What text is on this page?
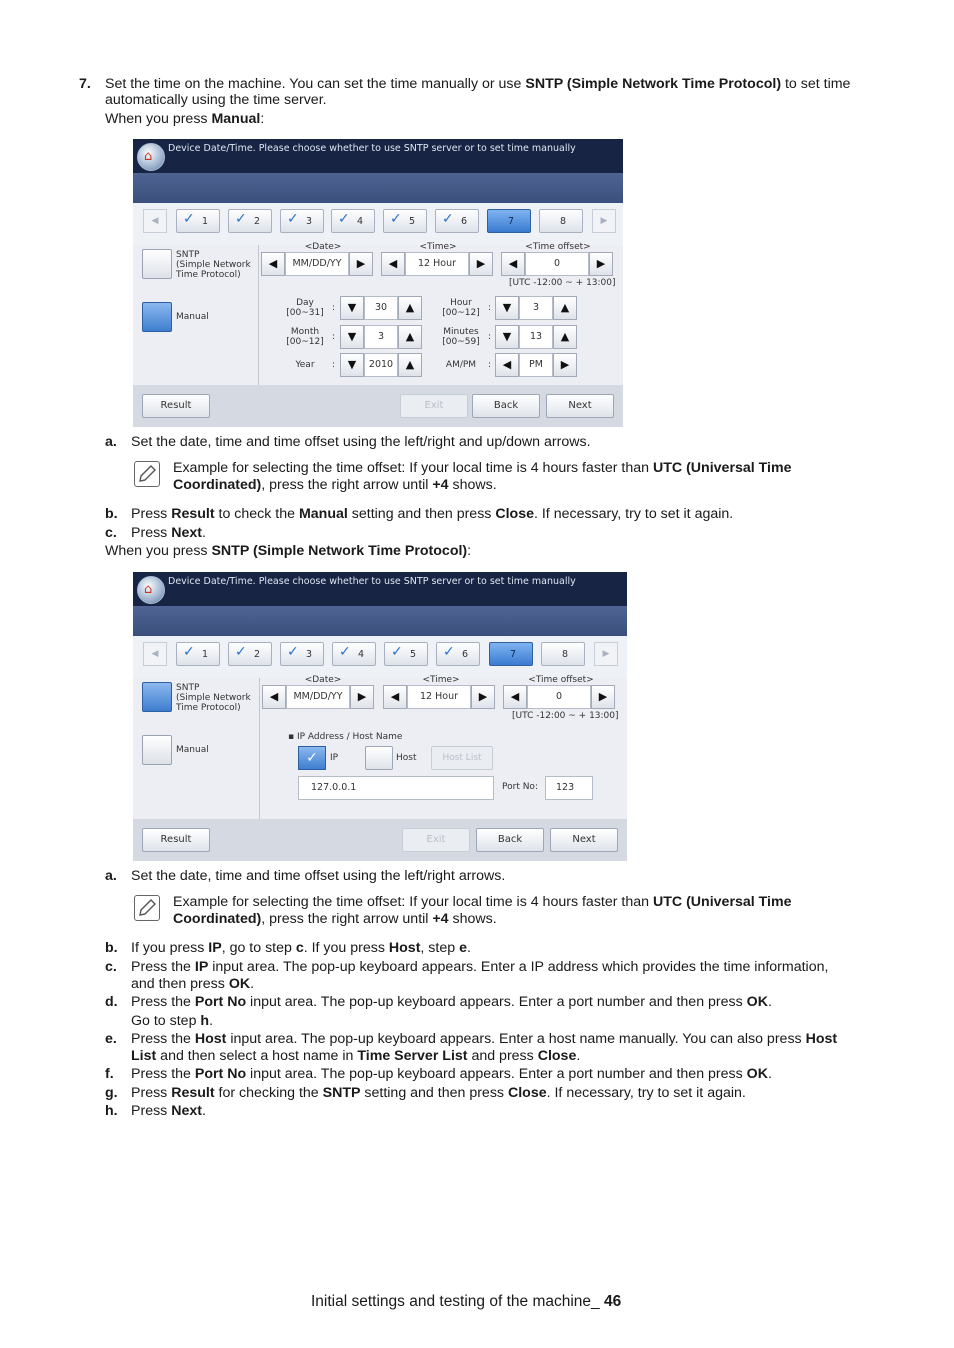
7. Set the time on the machine. You can set the time manually or use SNTP (Simple Network Time Protocol) to set time
automatically using the time server.
When you press Manual:
⌂
Device Date/Time. Please choose whether to use SNTP server or to set time manually
◀	✓ 1 ✓ 2 ✓ 3 ✓ 4 ✓ 5 ✓ 6	7	8	▶
SNTP
(Simple Network
Time Protocol)
Manual
<Date>	<Time>	<Time offset>
◀	MM/DD/YY	▶	◀	12 Hour	▶	◀	0	▶
[UTC -12:00 ~ + 13:00]
Day
[00~31] :	▼	30	▲
Month
[00~12] :	▼	3	▲
Year	:	▼	2010	▲
Hour
[00~12] :	▼	3	▲
Minutes
[00~59] :	▼	13	▲
AM/PM	:	◀	PM	▶
Result	Exit	Back	Next
a. Set the date, time and time offset using the left/right and up/down arrows.
Example for selecting the time offset: If your local time is 4 hours faster than UTC (Universal Time
Coordinated), press the right arrow until +4 shows.
b. Press Result to check the Manual setting and then press Close. If necessary, try to set it again.
c. Press Next.
When you press SNTP (Simple Network Time Protocol):
⌂
Device Date/Time. Please choose whether to use SNTP server or to set time manually
◀	✓ 1 ✓ 2 ✓ 3 ✓ 4 ✓ 5 ✓ 6	7	8	▶
SNTP
(Simple Network
Time Protocol)
Manual
<Date>	<Time>	<Time offset>
◀	MM/DD/YY	▶	◀	12 Hour	▶	◀	0	▶
[UTC -12:00 ~ + 13:00]
▪ IP Address / Host Name
✓	IP	Host	Host List
127.0.0.1	Port No:	123
Result	Exit	Back	Next
a. Set the date, time and time offset using the left/right arrows.
Example for selecting the time offset: If your local time is 4 hours faster than UTC (Universal Time
Coordinated), press the right arrow until +4 shows.
b. If you press IP, go to step c. If you press Host, step e.
c. Press the IP input area. The pop-up keyboard appears. Enter a IP address which provides the time information,
and then press OK.
d. Press the Port No input area. The pop-up keyboard appears. Enter a port number and then press OK.
Go to step h.
e. Press the Host input area. The pop-up keyboard appears. Enter a host name manually. You can also press Host
List and then select a host name in Time Server List and press Close.
f. Press the Port No input area. The pop-up keyboard appears. Enter a port number and then press OK.
g. Press Result for checking the SNTP setting and then press Close. If necessary, try to set it again.
h. Press Next.
Initial settings and testing of the machine_ 46
